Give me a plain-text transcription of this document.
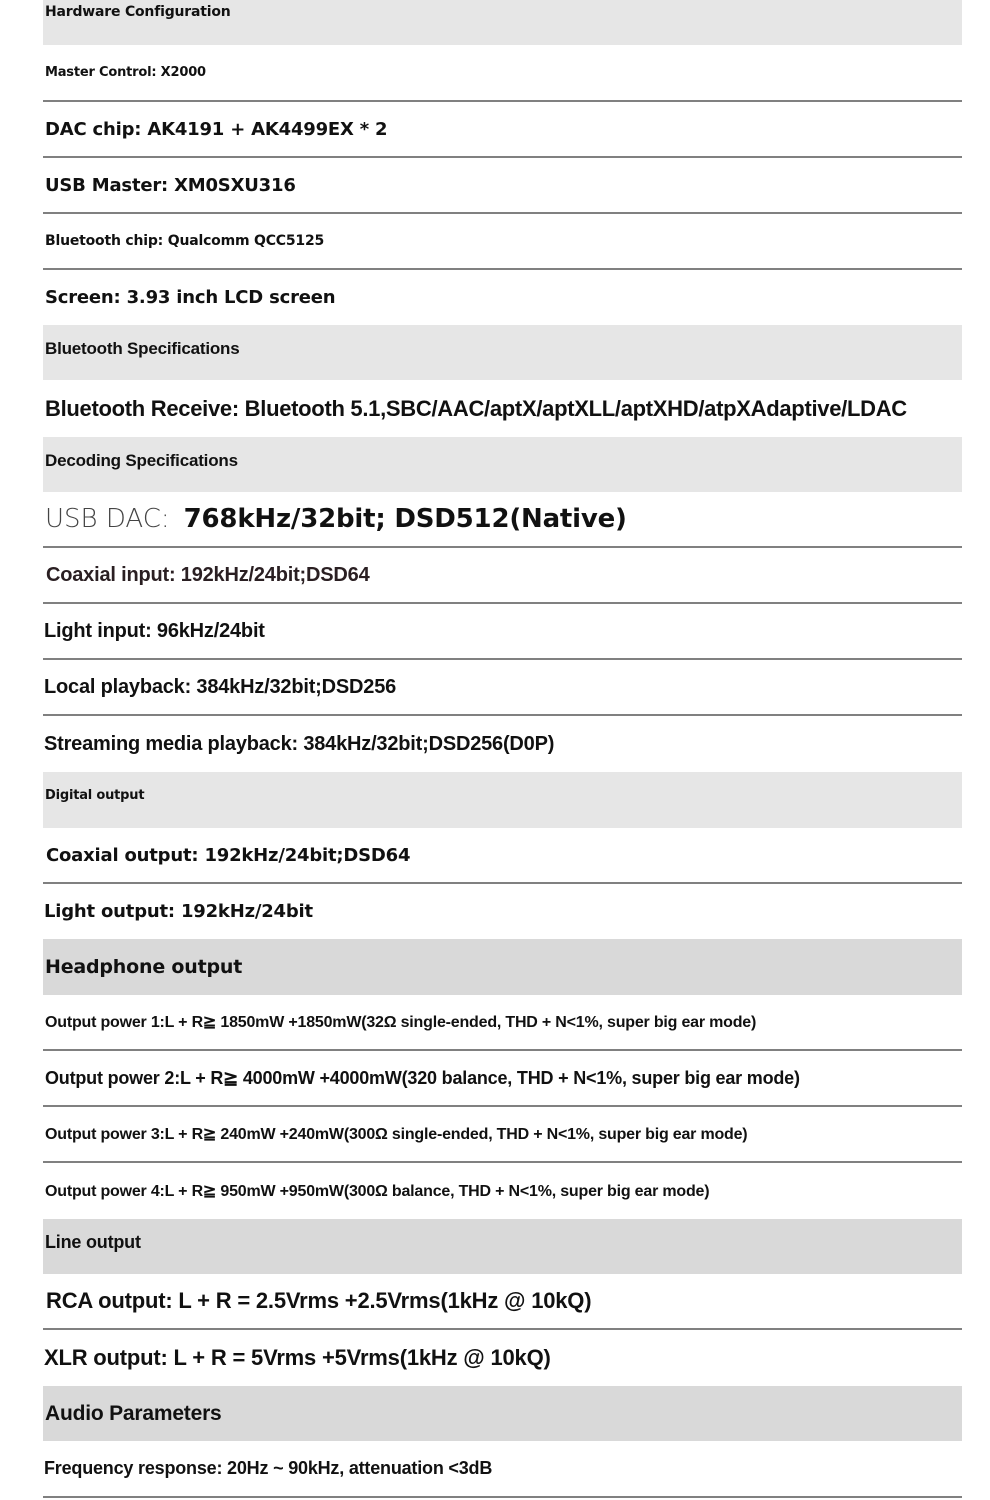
Hardware Configuration
Master Control: X2000
DAC chip: AK4191 + AK4499EX * 2
USB Master: XM0SXU316
Bluetooth chip: Qualcomm QCC5125
Screen: 3.93 inch LCD screen
Bluetooth Specifications
Bluetooth Receive: Bluetooth 5.1,SBC/AAC/aptX/aptXLL/aptXHD/atpXAdaptive/LDAC
Decoding Specifications
USB DAC: 768kHz/32bit; DSD512(Native)
Coaxial input: 192kHz/24bit;DSD64
Light input: 96kHz/24bit
Local playback: 384kHz/32bit;DSD256
Streaming media playback: 384kHz/32bit;DSD256(D0P)
Digital output
Coaxial output: 192kHz/24bit;DSD64
Light output: 192kHz/24bit
Headphone output
Output power 1:L + R≧ 1850mW +1850mW(32Ω single-ended, THD + N<1%, super big ear mode)
Output power 2:L + R≧ 4000mW +4000mW(320 balance, THD + N<1%, super big ear mode)
Output power 3:L + R≧ 240mW +240mW(300Ω single-ended, THD + N<1%, super big ear mode)
Output power 4:L + R≧ 950mW +950mW(300Ω balance, THD + N<1%, super big ear mode)
Line output
RCA output: L + R = 2.5Vrms +2.5Vrms(1kHz @ 10kQ)
XLR output: L + R = 5Vrms +5Vrms(1kHz @ 10kQ)
Audio Parameters
Frequency response: 20Hz ~ 90kHz, attenuation <3dB
